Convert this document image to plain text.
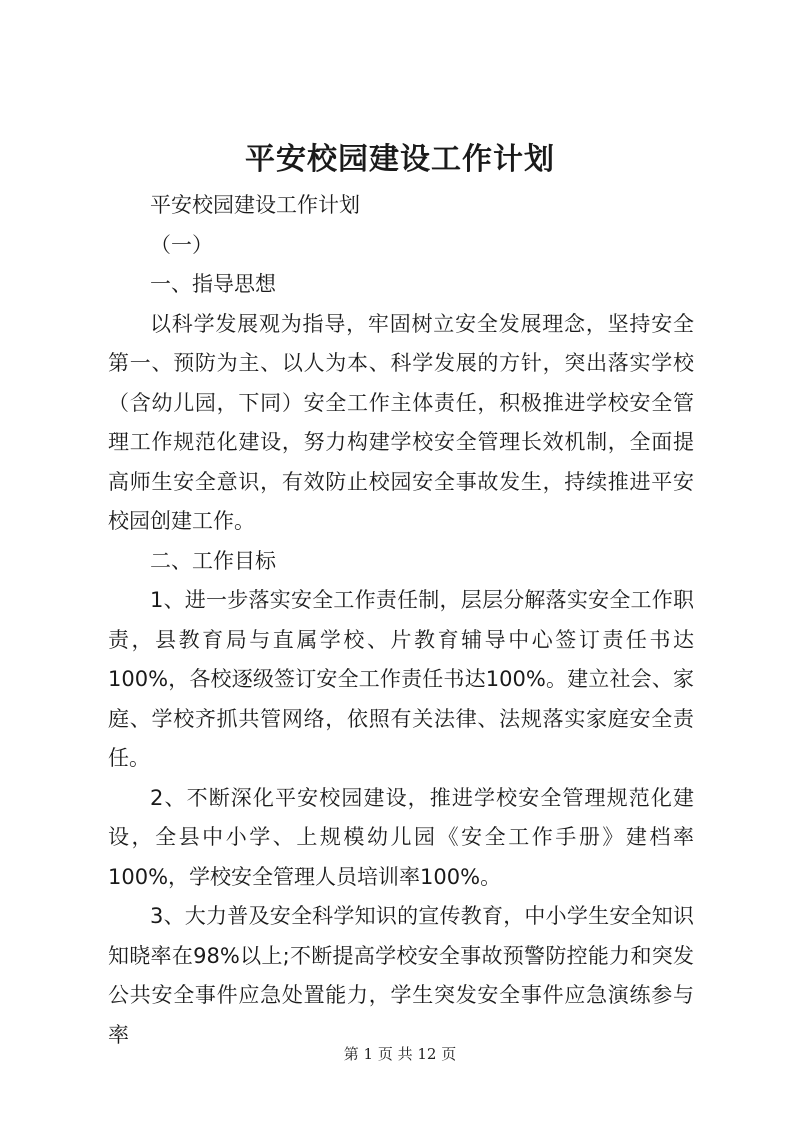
平安校园建设工作计划

平安校园建设工作计划

（一）

一、指导思想

以科学发展观为指导，牢固树立安全发展理念，坚持安全第一、预防为主、以人为本、科学发展的方针，突出落实学校（含幼儿园，下同）安全工作主体责任，积极推进学校安全管理工作规范化建设，努力构建学校安全管理长效机制，全面提高师生安全意识，有效防止校园安全事故发生，持续推进平安校园创建工作。

二、工作目标

1、进一步落实安全工作责任制，层层分解落实安全工作职责，县教育局与直属学校、片教育辅导中心签订责任书达100%，各校逐级签订安全工作责任书达100%。建立社会、家庭、学校齐抓共管网络，依照有关法律、法规落实家庭安全责任。

2、不断深化平安校园建设，推进学校安全管理规范化建设，全县中小学、上规模幼儿园《安全工作手册》建档率100%，学校安全管理人员培训率100%。

3、大力普及安全科学知识的宣传教育，中小学生安全知识知晓率在98%以上;不断提高学校安全事故预警防控能力和突发公共安全事件应急处置能力，学生突发安全事件应急演练参与率

第 1 页 共 12 页
